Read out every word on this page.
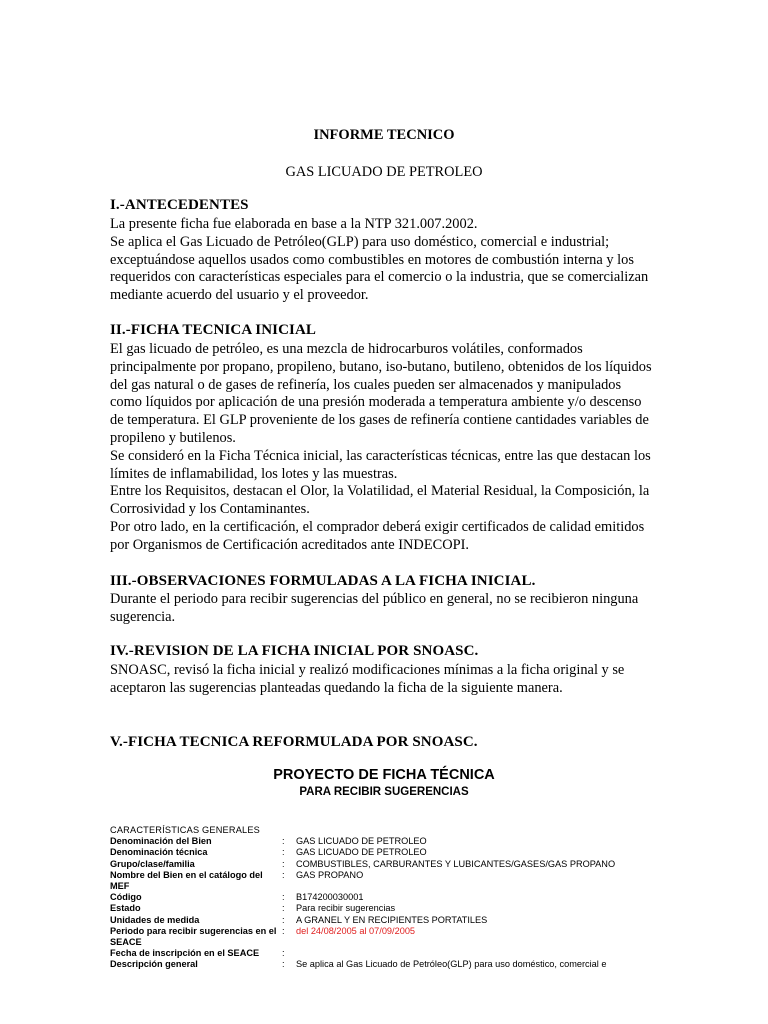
INFORME TECNICO
GAS LICUADO DE PETROLEO
I.-ANTECEDENTES

La presente ficha fue elaborada en base a la NTP 321.007.2002.

Se aplica el Gas Licuado de Petróleo(GLP) para uso doméstico, comercial e industrial; exceptuándose aquellos usados como combustibles en motores de combustión interna y los requeridos con características especiales para el comercio o la industria, que se comercializan mediante acuerdo del usuario y el proveedor.

II.-FICHA TECNICA INICIAL

El gas licuado de petróleo, es una mezcla de hidrocarburos volátiles, conformados principalmente por propano, propileno, butano, iso-butano, butileno, obtenidos de los líquidos del gas natural o de gases de refinería, los cuales pueden ser almacenados y manipulados como líquidos por aplicación de una presión moderada a temperatura ambiente y/o descenso de temperatura. El GLP proveniente de los gases de refinería contiene cantidades variables de propileno y butilenos.

Se consideró en la Ficha Técnica inicial, las características técnicas, entre las que destacan los límites de inflamabilidad, los lotes y las muestras.

Entre los Requisitos, destacan el Olor, la Volatilidad, el Material Residual, la Composición, la Corrosividad y los Contaminantes.

Por otro lado, en la certificación, el comprador deberá exigir certificados de calidad emitidos por Organismos de Certificación acreditados ante INDECOPI.

III.-OBSERVACIONES FORMULADAS A LA FICHA INICIAL.

Durante el periodo para recibir sugerencias del público en general, no se recibieron ninguna sugerencia.

IV.-REVISION DE LA FICHA INICIAL POR SNOASC.

SNOASC, revisó la ficha inicial y realizó modificaciones mínimas a la ficha original y se aceptaron las sugerencias planteadas quedando la ficha de la siguiente manera.

V.-FICHA TECNICA REFORMULADA POR SNOASC.
PROYECTO DE FICHA TÉCNICA
PARA RECIBIR SUGERENCIAS
CARACTERÍSTICAS GENERALES
Denominación del Bien	:	GAS LICUADO DE PETROLEO
Denominación técnica	:	GAS LICUADO DE PETROLEO
Grupo/clase/familia	:	COMBUSTIBLES, CARBURANTES Y LUBICANTES/GASES/GAS PROPANO
Nombre del Bien en el catálogo del MEF
:	GAS PROPANO
Código	:	B174200030001
Estado	:	Para recibir sugerencias
Unidades de medida	:	A GRANEL Y EN RECIPIENTES PORTATILES
Periodo para recibir sugerencias en el SEACE
:	del 24/08/2005 al 07/09/2005
Fecha de inscripción en el SEACE	:
Descripción general	:	Se aplica al Gas Licuado de Petróleo(GLP) para uso doméstico, comercial e
